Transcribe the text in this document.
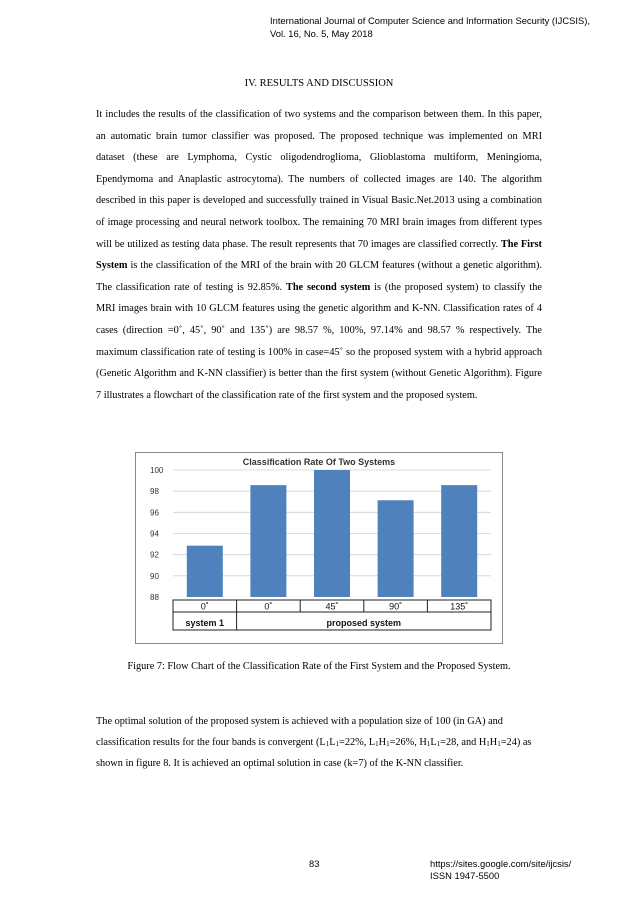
International Journal of Computer Science and Information Security (IJCSIS),
Vol. 16, No. 5, May 2018
IV. RESULTS AND DISCUSSION

It includes the results of the classification of two systems and the comparison between them. In this paper, an automatic brain tumor classifier was proposed. The proposed technique was implemented on MRI dataset (these are Lymphoma, Cystic oligodendroglioma, Glioblastoma multiform, Meningioma, Ependymoma and Anaplastic astrocytoma). The numbers of collected images are 140. The algorithm described in this paper is developed and successfully trained in Visual Basic.Net.2013 using a combination of image processing and neural network toolbox. The remaining 70 MRI brain images from different types will be utilized as testing data phase. The result represents that 70 images are classified correctly. The First System is the classification of the MRI of the brain with 20 GLCM features (without a genetic algorithm). The classification rate of testing is 92.85%. The second system is (the proposed system) to classify the MRI images brain with 10 GLCM features using the genetic algorithm and K-NN. Classification rates of 4 cases (direction =0˚, 45˚, 90˚ and 135˚) are 98.57 %, 100%, 97.14% and 98.57 % respectively. The maximum classification rate of testing is 100% in case=45˚ so the proposed system with a hybrid approach (Genetic Algorithm and K-NN classifier) is better than the first system (without Genetic Algorithm). Figure 7 illustrates a flowchart of the classification rate of the first system and the proposed system.

Classification Rate Of Two Systems
88
90
92
94
96
98
100
0˚	0˚	45˚	90˚	135˚
system 1	proposed system
Figure 7: Flow Chart of the Classification Rate of the First System and the Proposed System.

The optimal solution of the proposed system is achieved with a population size of 100 (in GA) and classification results for the four bands is convergent ($L_1L_1=22\%$, $L_1H_1=26\%$, $H_1L_1=28$, and $H_1H_1=24$) as shown in figure 8. It is achieved an optimal solution in case (k=7) of the K-NN classifier.

83	https://sites.google.com/site/ijcsis/
ISSN 1947-5500
